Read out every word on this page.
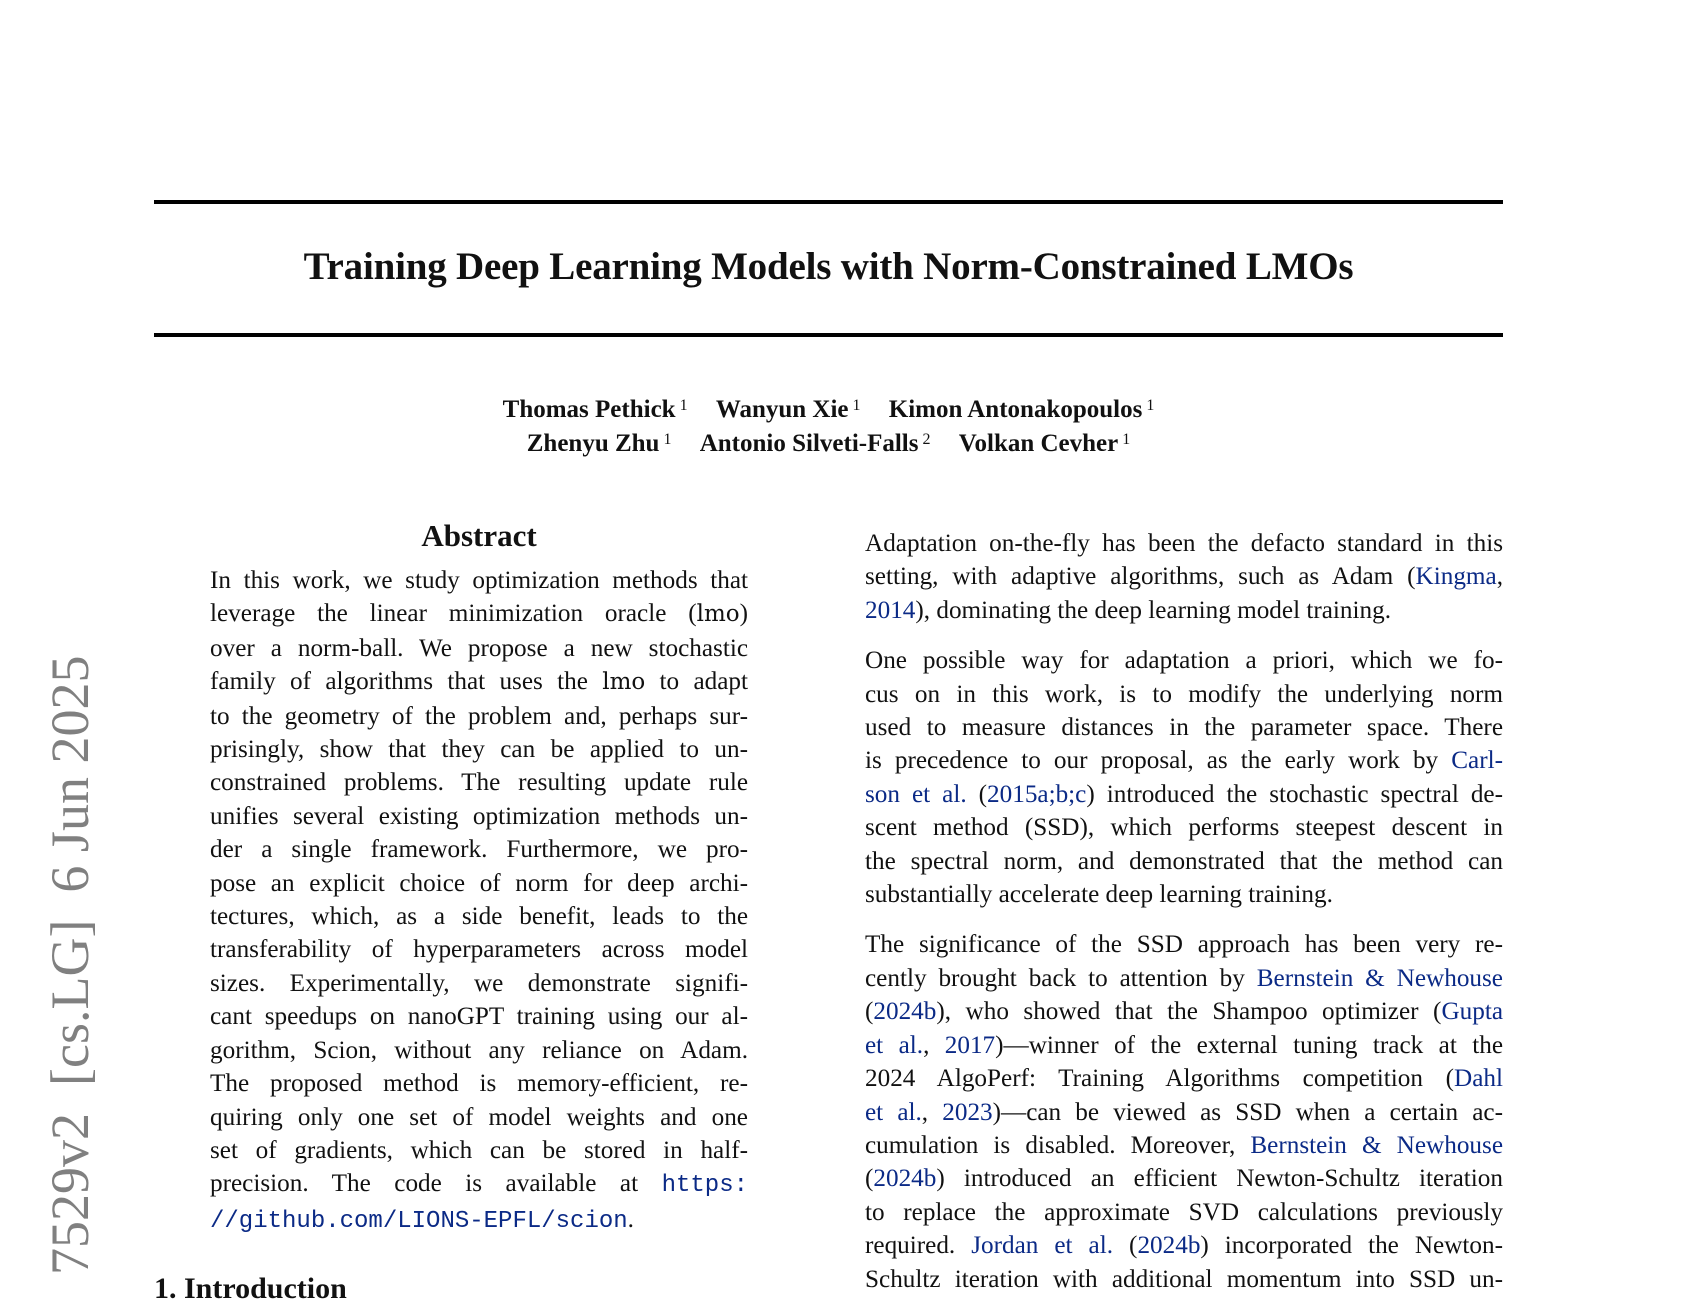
7529v2  [cs.LG]  6 Jun 2025
Training Deep Learning Models with Norm-Constrained LMOs
Thomas Pethick $^1$ Wanyun Xie $^1$ Kimon Antonakopoulos $^1$
Zhenyu Zhu $^1$ Antonio Silveti-Falls $^2$ Volkan Cevher $^1$
Abstract
In this work, we study optimization methods that
leverage the linear minimization oracle (lmo)
over a norm-ball. We propose a new stochastic
family of algorithms that uses the lmo to adapt
to the geometry of the problem and, perhaps sur-
prisingly, show that they can be applied to un-
constrained problems. The resulting update rule
unifies several existing optimization methods un-
der a single framework. Furthermore, we pro-
pose an explicit choice of norm for deep archi-
tectures, which, as a side benefit, leads to the
transferability of hyperparameters across model
sizes. Experimentally, we demonstrate signifi-
cant speedups on nanoGPT training using our al-
gorithm, Scion, without any reliance on Adam.
The proposed method is memory-efficient, re-
quiring only one set of model weights and one
set of gradients, which can be stored in half-
precision. The code is available at https:
//github.com/LIONS-EPFL/scion.
1. Introduction
Adaptation on-the-fly has been the defacto standard in this
setting, with adaptive algorithms, such as Adam (Kingma,
2014), dominating the deep learning model training.
One possible way for adaptation a priori, which we fo-
cus on in this work, is to modify the underlying norm
used to measure distances in the parameter space. There
is precedence to our proposal, as the early work by Carl-
son et al. (2015a;b;c) introduced the stochastic spectral de-
scent method (SSD), which performs steepest descent in
the spectral norm, and demonstrated that the method can
substantially accelerate deep learning training.
The significance of the SSD approach has been very re-
cently brought back to attention by Bernstein & Newhouse
(2024b), who showed that the Shampoo optimizer (Gupta
et al., 2017)—winner of the external tuning track at the
2024 AlgoPerf: Training Algorithms competition (Dahl
et al., 2023)—can be viewed as SSD when a certain ac-
cumulation is disabled. Moreover, Bernstein & Newhouse
(2024b) introduced an efficient Newton-Schultz iteration
to replace the approximate SVD calculations previously
required. Jordan et al. (2024b) incorporated the Newton-
Schultz iteration with additional momentum into SSD un-
